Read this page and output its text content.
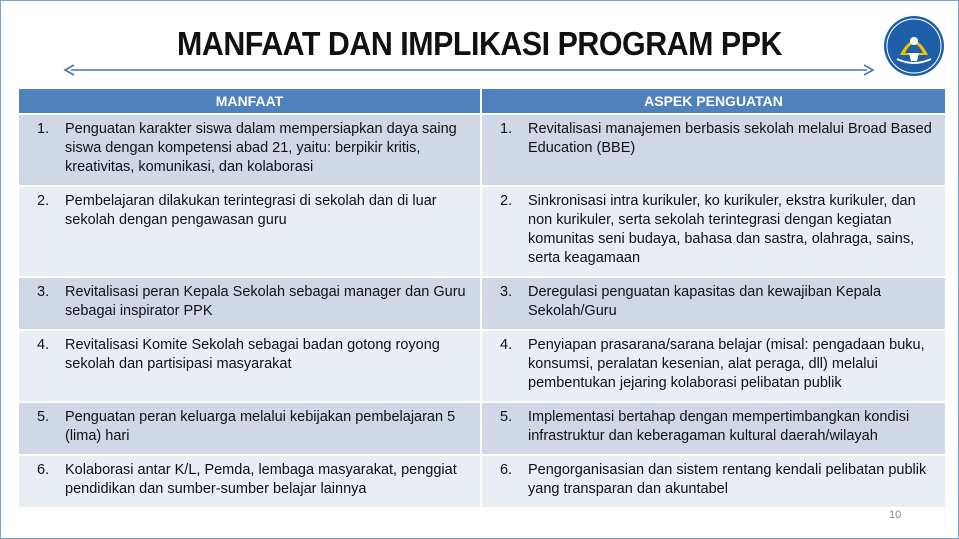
MANFAAT DAN IMPLIKASI PROGRAM PPK
MANFAAT	ASPEK PENGUATAN

1. Penguatan karakter siswa dalam mempersiapkan daya saing siswa dengan kompetensi abad 21, yaitu: berpikir kritis, kreativitas, komunikasi, dan kolaborasi	1. Revitalisasi manajemen berbasis sekolah melalui Broad Based Education (BBE)

2. Pembelajaran dilakukan terintegrasi di sekolah dan di luar sekolah dengan pengawasan guru	2. Sinkronisasi intra kurikuler, ko kurikuler, ekstra kurikuler, dan non kurikuler, serta sekolah terintegrasi dengan kegiatan komunitas seni budaya, bahasa dan sastra, olahraga, sains, serta keagamaan

3. Revitalisasi peran Kepala Sekolah sebagai manager dan Guru sebagai inspirator PPK	3. Deregulasi penguatan kapasitas dan kewajiban Kepala Sekolah/Guru

4. Revitalisasi Komite Sekolah sebagai badan gotong royong sekolah dan partisipasi masyarakat	4. Penyiapan prasarana/sarana belajar (misal: pengadaan buku, konsumsi, peralatan kesenian, alat peraga, dll) melalui pembentukan jejaring kolaborasi pelibatan publik

5. Penguatan peran keluarga melalui kebijakan pembelajaran 5 (lima) hari	5. Implementasi bertahap dengan mempertimbangkan kondisi infrastruktur dan keberagaman kultural daerah/wilayah

6. Kolaborasi antar K/L, Pemda, lembaga masyarakat, penggiat pendidikan dan sumber-sumber belajar lainnya	6. Pengorganisasian dan sistem rentang kendali pelibatan publik yang transparan dan akuntabel
10
